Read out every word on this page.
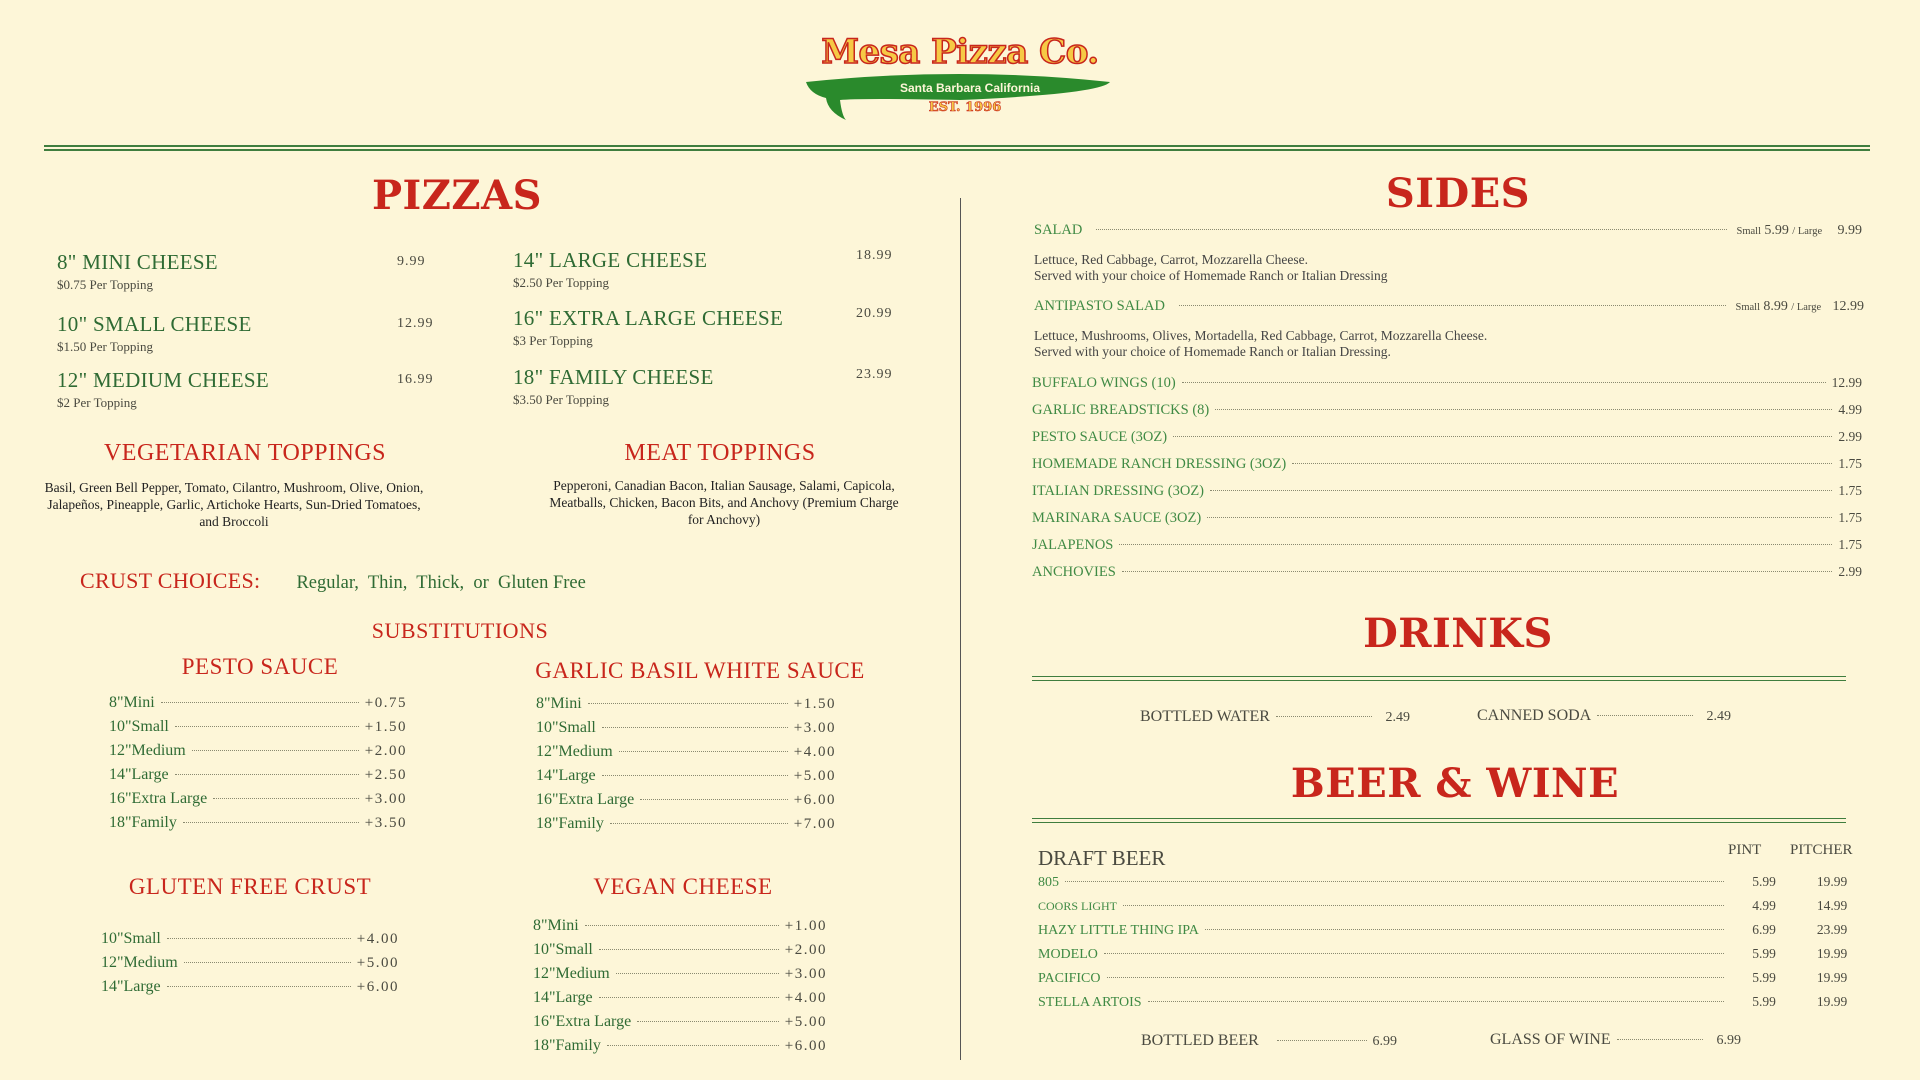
Mesa Pizza Co.
Santa Barbara California
EST. 1996
PIZZAS
8" MINI CHEESE
$0.75 Per Topping
9.99
10" SMALL CHEESE
$1.50 Per Topping
12.99
12" MEDIUM CHEESE
$2 Per Topping
16.99
14" LARGE CHEESE
$2.50 Per Topping
18.99
16" EXTRA LARGE CHEESE
$3 Per Topping
20.99
18" FAMILY CHEESE
$3.50 Per Topping
23.99
VEGETARIAN TOPPINGS
Basil, Green Bell Pepper, Tomato, Cilantro, Mushroom, Olive, Onion, Jalapeños, Pineapple, Garlic, Artichoke Hearts, Sun-Dried Tomatoes, and Broccoli
MEAT TOPPINGS
Pepperoni, Canadian Bacon, Italian Sausage, Salami, Capicola, Meatballs, Chicken, Bacon Bits, and Anchovy (Premium Charge for Anchovy)
CRUST CHOICES: Regular,  Thin,  Thick,  or  Gluten Free
SUBSTITUTIONS
PESTO SAUCE
8"Mini	+0.75
10"Small	+1.50
12"Medium	+2.00
14"Large	+2.50
16"Extra Large	+3.00
18"Family	+3.50
GARLIC BASIL WHITE SAUCE
8"Mini	+1.50
10"Small	+3.00
12"Medium	+4.00
14"Large	+5.00
16"Extra Large	+6.00
18"Family	+7.00
GLUTEN FREE CRUST
10"Small	+4.00
12"Medium	+5.00
14"Large	+6.00
VEGAN CHEESE
8"Mini	+1.00
10"Small	+2.00
12"Medium	+3.00
14"Large	+4.00
16"Extra Large	+5.00
18"Family	+6.00
SIDES
SALAD	Small 5.99 / Large 9.99
Lettuce, Red Cabbage, Carrot, Mozzarella Cheese.
Served with your choice of Homemade Ranch or Italian Dressing
ANTIPASTO SALAD	Small 8.99 / Large 12.99
Lettuce, Mushrooms, Olives, Mortadella, Red Cabbage, Carrot, Mozzarella Cheese.
Served with your choice of Homemade Ranch or Italian Dressing.
BUFFALO WINGS (10)	12.99
GARLIC BREADSTICKS (8)	4.99
PESTO SAUCE (3OZ)	2.99
HOMEMADE RANCH DRESSING (3OZ)	1.75
ITALIAN DRESSING (3OZ)	1.75
MARINARA SAUCE (3OZ)	1.75
JALAPENOS	1.75
ANCHOVIES	2.99
DRINKS
BOTTLED WATER	2.49	CANNED SODA	2.49
BEER & WINE
DRAFT BEER	PINT PITCHER
805	5.99	19.99
COORS LIGHT	4.99	14.99
HAZY LITTLE THING IPA	6.99	23.99
MODELO	5.99	19.99
PACIFICO	5.99	19.99
STELLA ARTOIS	5.99	19.99
BOTTLED BEER	6.99	GLASS OF WINE	6.99
